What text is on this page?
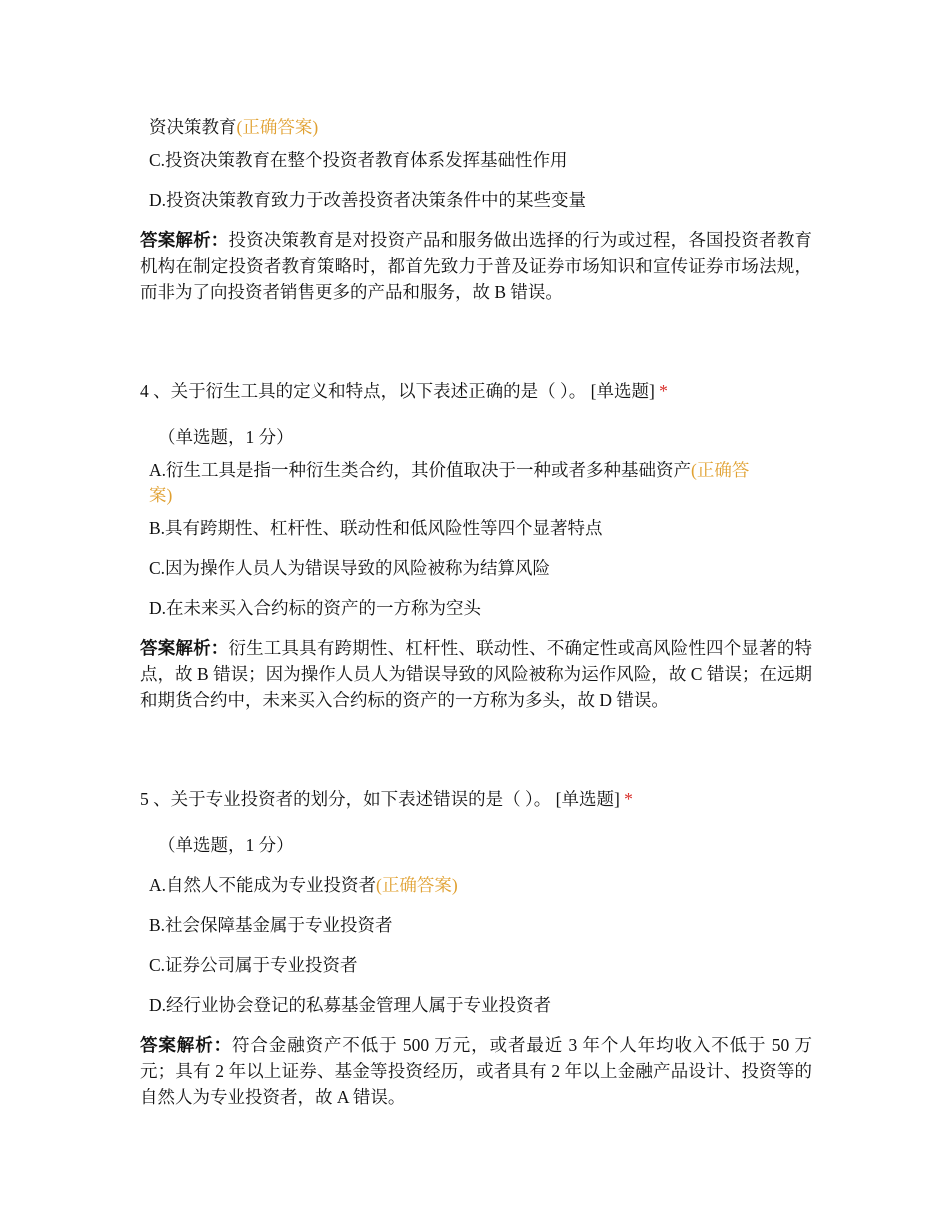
资决策教育(正确答案)
C.投资决策教育在整个投资者教育体系发挥基础性作用
D.投资决策教育致力于改善投资者决策条件中的某些变量
答案解析：投资决策教育是对投资产品和服务做出选择的行为或过程，各国投资者教育机构在制定投资者教育策略时，都首先致力于普及证券市场知识和宣传证券市场法规，而非为了向投资者销售更多的产品和服务，故 B 错误。
4 、关于衍生工具的定义和特点，以下表述正确的是（ ）。 [单选题] *
（单选题，1 分）
A.衍生工具是指一种衍生类合约，其价值取决于一种或者多种基础资产(正确答
案)
B.具有跨期性、杠杆性、联动性和低风险性等四个显著特点
C.因为操作人员人为错误导致的风险被称为结算风险
D.在未来买入合约标的资产的一方称为空头
答案解析：衍生工具具有跨期性、杠杆性、联动性、不确定性或高风险性四个显著的特点，故 B 错误；因为操作人员人为错误导致的风险被称为运作风险，故 C 错误；在远期和期货合约中，未来买入合约标的资产的一方称为多头，故 D 错误。
5 、关于专业投资者的划分，如下表述错误的是（ ）。 [单选题] *
（单选题，1 分）
A.自然人不能成为专业投资者(正确答案)
B.社会保障基金属于专业投资者
C.证券公司属于专业投资者
D.经行业协会登记的私募基金管理人属于专业投资者
答案解析：符合金融资产不低于 500 万元，或者最近 3 年个人年均收入不低于 50 万元；具有 2 年以上证券、基金等投资经历，或者具有 2 年以上金融产品设计、投资等的自然人为专业投资者，故 A 错误。
